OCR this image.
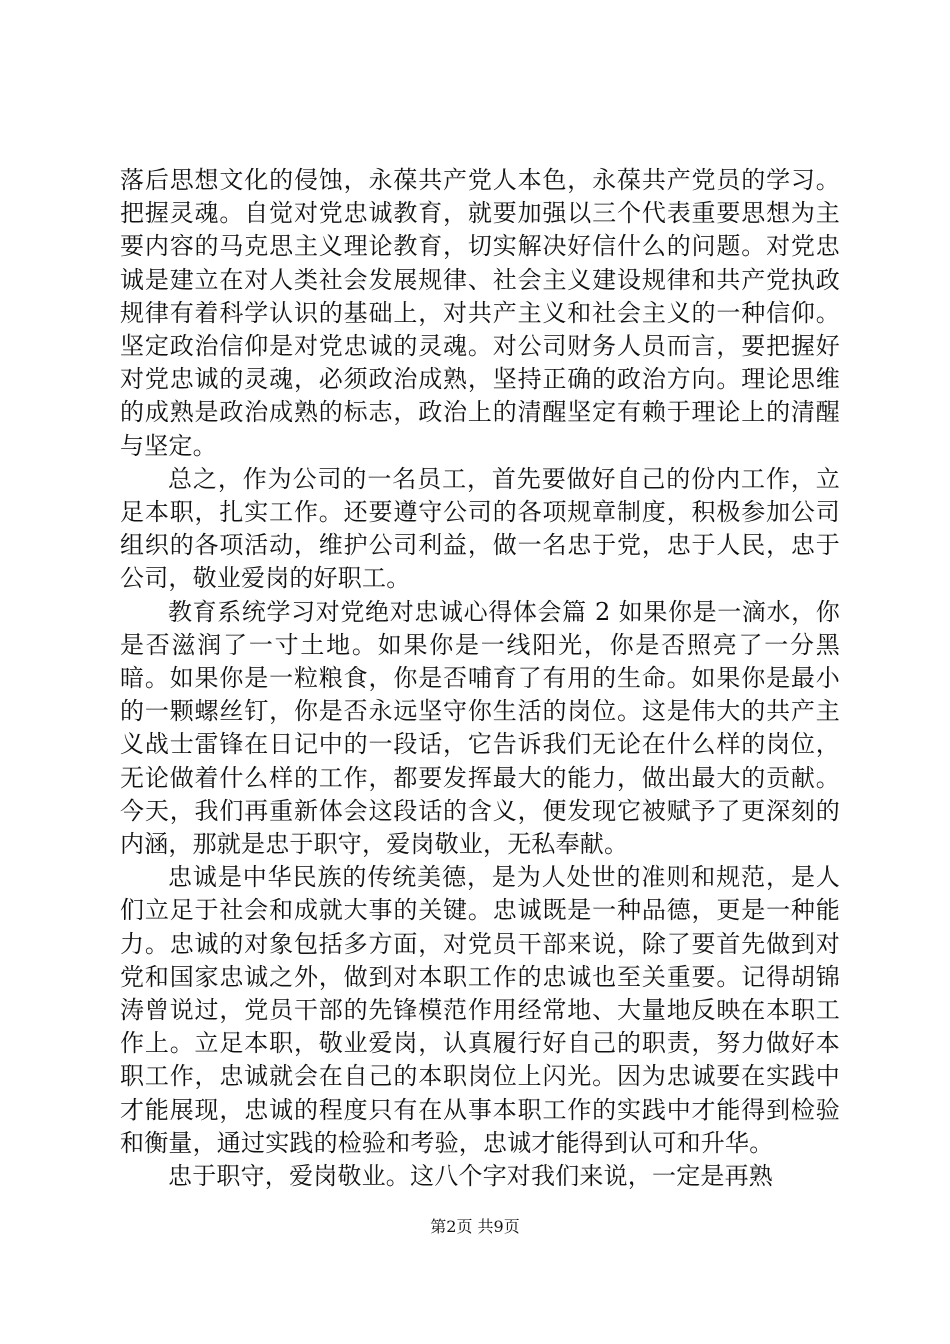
落后思想文化的侵蚀，永葆共产党人本色，永葆共产党员的学习。把握灵魂。自觉对党忠诚教育，就要加强以三个代表重要思想为主要内容的马克思主义理论教育，切实解决好信什么的问题。对党忠诚是建立在对人类社会发展规律、社会主义建设规律和共产党执政规律有着科学认识的基础上，对共产主义和社会主义的一种信仰。坚定政治信仰是对党忠诚的灵魂。对公司财务人员而言，要把握好对党忠诚的灵魂，必须政治成熟，坚持正确的政治方向。理论思维的成熟是政治成熟的标志，政治上的清醒坚定有赖于理论上的清醒与坚定。

总之，作为公司的一名员工，首先要做好自己的份内工作，立足本职，扎实工作。还要遵守公司的各项规章制度，积极参加公司组织的各项活动，维护公司利益，做一名忠于党，忠于人民，忠于公司，敬业爱岗的好职工。

教育系统学习对党绝对忠诚心得体会篇 2 如果你是一滴水，你是否滋润了一寸土地。如果你是一线阳光，你是否照亮了一分黑暗。如果你是一粒粮食，你是否哺育了有用的生命。如果你是最小的一颗螺丝钉，你是否永远坚守你生活的岗位。这是伟大的共产主义战士雷锋在日记中的一段话，它告诉我们无论在什么样的岗位，无论做着什么样的工作，都要发挥最大的能力，做出最大的贡献。今天，我们再重新体会这段话的含义，便发现它被赋予了更深刻的内涵，那就是忠于职守，爱岗敬业，无私奉献。

忠诚是中华民族的传统美德，是为人处世的准则和规范，是人们立足于社会和成就大事的关键。忠诚既是一种品德，更是一种能力。忠诚的对象包括多方面，对党员干部来说，除了要首先做到对党和国家忠诚之外，做到对本职工作的忠诚也至关重要。记得胡锦涛曾说过，党员干部的先锋模范作用经常地、大量地反映在本职工作上。立足本职，敬业爱岗，认真履行好自己的职责，努力做好本职工作，忠诚就会在自己的本职岗位上闪光。因为忠诚要在实践中才能展现，忠诚的程度只有在从事本职工作的实践中才能得到检验和衡量，通过实践的检验和考验，忠诚才能得到认可和升华。

忠于职守，爱岗敬业。这八个字对我们来说，一定是再熟

第2页 共9页
